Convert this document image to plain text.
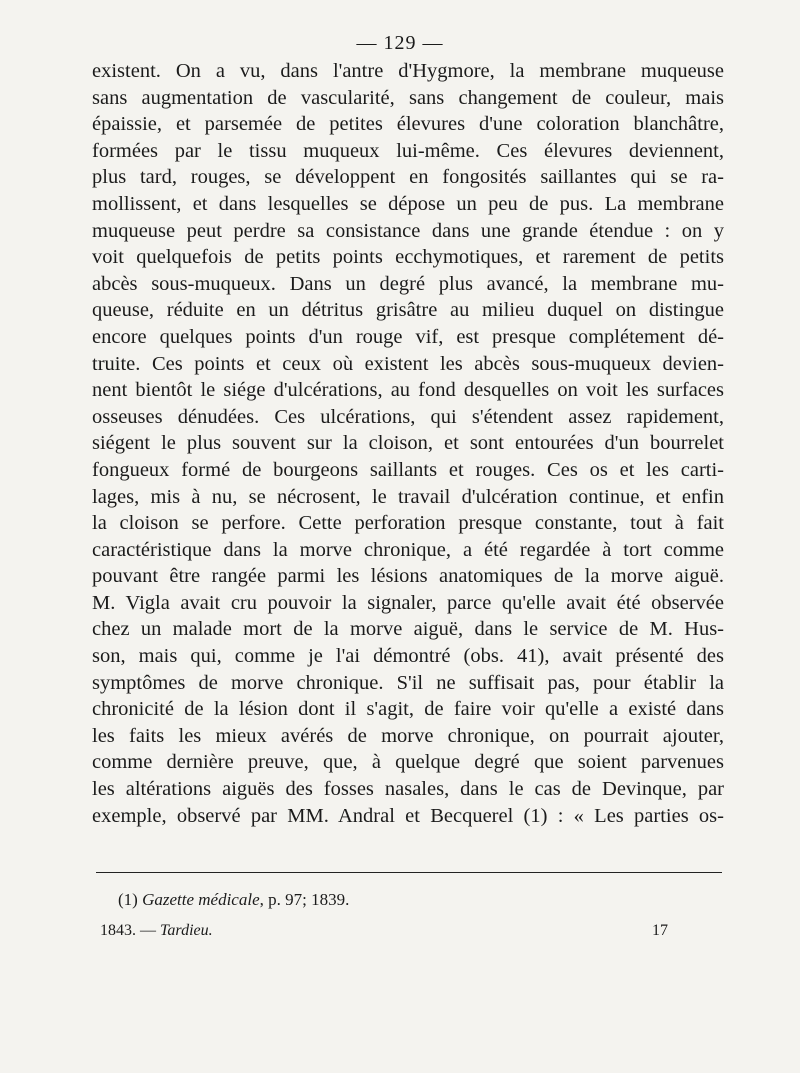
— 129 —
existent. On a vu, dans l'antre d'Hygmore, la membrane muqueuse
sans augmentation de vascularité, sans changement de couleur, mais
épaissie, et parsemée de petites élevures d'une coloration blanchâtre,
formées par le tissu muqueux lui-même. Ces élevures deviennent,
plus tard, rouges, se développent en fongosités saillantes qui se ra-
mollissent, et dans lesquelles se dépose un peu de pus. La membrane
muqueuse peut perdre sa consistance dans une grande étendue : on y
voit quelquefois de petits points ecchymotiques, et rarement de petits
abcès sous-muqueux. Dans un degré plus avancé, la membrane mu-
queuse, réduite en un détritus grisâtre au milieu duquel on distingue
encore quelques points d'un rouge vif, est presque complétement dé-
truite. Ces points et ceux où existent les abcès sous-muqueux devien-
nent bientôt le siége d'ulcérations, au fond desquelles on voit les surfaces
osseuses dénudées. Ces ulcérations, qui s'étendent assez rapidement,
siégent le plus souvent sur la cloison, et sont entourées d'un bourrelet
fongueux formé de bourgeons saillants et rouges. Ces os et les carti-
lages, mis à nu, se nécrosent, le travail d'ulcération continue, et enfin
la cloison se perfore. Cette perforation presque constante, tout à fait
caractéristique dans la morve chronique, a été regardée à tort comme
pouvant être rangée parmi les lésions anatomiques de la morve aiguë.
M. Vigla avait cru pouvoir la signaler, parce qu'elle avait été observée
chez un malade mort de la morve aiguë, dans le service de M. Hus-
son, mais qui, comme je l'ai démontré (obs. 41), avait présenté des
symptômes de morve chronique. S'il ne suffisait pas, pour établir la
chronicité de la lésion dont il s'agit, de faire voir qu'elle a existé dans
les faits les mieux avérés de morve chronique, on pourrait ajouter,
comme dernière preuve, que, à quelque degré que soient parvenues
les altérations aiguës des fosses nasales, dans le cas de Devinque, par
exemple, observé par MM. Andral et Becquerel (1) : « Les parties os-
(1) Gazette médicale, p. 97; 1839.
1843. — Tardieu.	17
